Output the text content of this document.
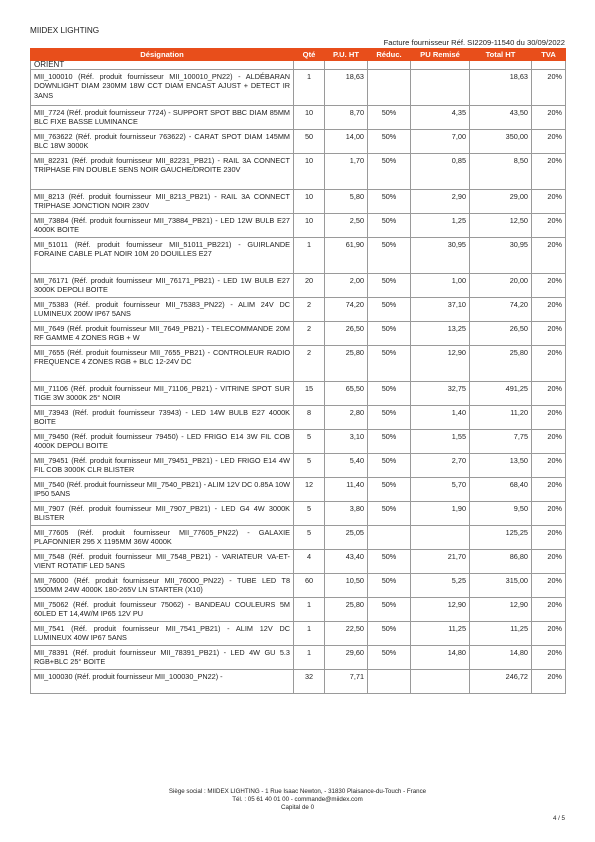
MIIDEX LIGHTING
Facture fournisseur Réf. SI2209-11540 du 30/09/2022
Désignation	Qté	P.U. HT	Réduc.	PU Remisé	Total HT	TVA
ORIENT						
MII_100010 (Réf. produit fournisseur MII_100010_PN22) - ALDÉBARAN DOWNLIGHT DIAM 230MM 18W CCT DIAM ENCAST AJUST + DETECT IR 3ANS	1	18,63			18,63	20%
MII_7724 (Réf. produit fournisseur 7724) - SUPPORT SPOT BBC DIAM 85MM BLC FIXE BASSE LUMINANCE	10	8,70	50%	4,35	43,50	20%
MII_763622 (Réf. produit fournisseur 763622) - CARAT SPOT DIAM 145MM BLC 18W 3000K	50	14,00	50%	7,00	350,00	20%
MII_82231 (Réf. produit fournisseur MII_82231_PB21) - RAIL 3A CONNECT TRIPHASE FIN DOUBLE SENS NOIR GAUCHE/DROITE 230V	10	1,70	50%	0,85	8,50	20%
MII_8213 (Réf. produit fournisseur MII_8213_PB21) - RAIL 3A CONNECT TRIPHASE JONCTION NOIR 230V	10	5,80	50%	2,90	29,00	20%
MII_73884 (Réf. produit fournisseur MII_73884_PB21) - LED 12W BULB E27 4000K BOITE	10	2,50	50%	1,25	12,50	20%
MII_51011 (Réf. produit fournisseur MII_51011_PB221) - GUIRLANDE FORAINE CABLE PLAT NOIR 10M 20 DOUILLES E27	1	61,90	50%	30,95	30,95	20%
MII_76171 (Réf. produit fournisseur MII_76171_PB21) - LED 1W BULB E27 3000K DEPOLI BOITE	20	2,00	50%	1,00	20,00	20%
MII_75383 (Réf. produit fournisseur MII_75383_PN22) - ALIM 24V DC LUMINEUX 200W IP67 5ANS	2	74,20	50%	37,10	74,20	20%
MII_7649 (Réf. produit fournisseur MII_7649_PB21) - TELECOMMANDE 20M RF GAMME 4 ZONES RGB + W	2	26,50	50%	13,25	26,50	20%
MII_7655 (Réf. produit fournisseur MII_7655_PB21) - CONTROLEUR RADIO FREQUENCE 4 ZONES RGB + BLC 12-24V DC	2	25,80	50%	12,90	25,80	20%
MII_71106 (Réf. produit fournisseur MII_71106_PB21) - VITRINE SPOT SUR TIGE 3W 3000K 25° NOIR	15	65,50	50%	32,75	491,25	20%
MII_73943 (Réf. produit fournisseur 73943) - LED 14W BULB E27 4000K BOITE	8	2,80	50%	1,40	11,20	20%
MII_79450 (Réf. produit fournisseur 79450) - LED FRIGO E14 3W FIL COB 4000K DEPOLI BOITE	5	3,10	50%	1,55	7,75	20%
MII_79451 (Réf. produit fournisseur MII_79451_PB21) - LED FRIGO E14 4W FIL COB 3000K CLR BLISTER	5	5,40	50%	2,70	13,50	20%
MII_7540 (Réf. produit fournisseur MII_7540_PB21) - ALIM 12V DC 0.85A 10W IP50 5ANS	12	11,40	50%	5,70	68,40	20%
MII_7907 (Réf. produit fournisseur MII_7907_PB21) - LED G4 4W 3000K BLISTER	5	3,80	50%	1,90	9,50	20%
MII_77605 (Réf. produit fournisseur MII_77605_PN22) - GALAXIE PLAFONNIER 295 X 1195MM 36W 4000K	5	25,05			125,25	20%
MII_7548 (Réf. produit fournisseur MII_7548_PB21) - VARIATEUR VA-ET-VIENT ROTATIF LED 5ANS	4	43,40	50%	21,70	86,80	20%
MII_76000 (Réf. produit fournisseur MII_76000_PN22) - TUBE LED T8 1500MM 24W 4000K 180-265V LN STARTER (X10)	60	10,50	50%	5,25	315,00	20%
MII_75062 (Réf. produit fournisseur 75062) - BANDEAU COULEURS 5M 60LED ET 14,4W/M IP65 12V PU	1	25,80	50%	12,90	12,90	20%
MII_7541 (Réf. produit fournisseur MII_7541_PB21) - ALIM 12V DC LUMINEUX 40W IP67 5ANS	1	22,50	50%	11,25	11,25	20%
MII_78391 (Réf. produit fournisseur MII_78391_PB21) - LED 4W GU 5.3 RGB+BLC 25° BOITE	1	29,60	50%	14,80	14,80	20%
MII_100030 (Réf. produit fournisseur MII_100030_PN22) -	32	7,71			246,72	20%
Siège social : MIIDEX LIGHTING - 1 Rue Isaac Newton, - 31830 Plaisance-du-Touch - France
Tél. : 05 61 40 01 00 - commande@miidex.com
Capital de 0
4 / 5
